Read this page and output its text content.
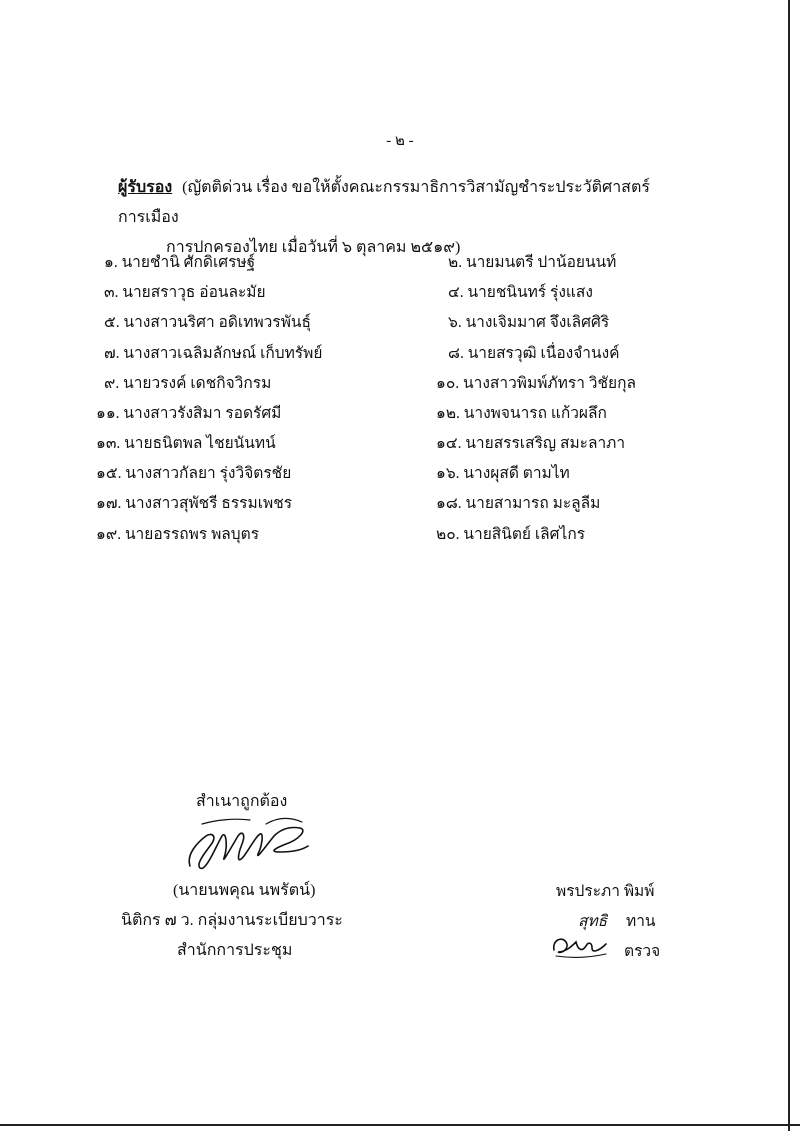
- ๒ -
ผู้รับรอง (ญัตติด่วน เรื่อง ขอให้ตั้งคณะกรรมาธิการวิสามัญชำระประวัติศาสตร์การเมือง
การปกครองไทย เมื่อวันที่ ๖ ตุลาคม ๒๕๑๙)
๑. นายชำนิ ศักดิเศรษฐ์	๒. นายมนตรี ปาน้อยนนท์
๓. นายสราวุธ อ่อนละมัย	๔. นายชนินทร์ รุ่งแสง
๕. นางสาวนริศา อดิเทพวรพันธุ์	๖. นางเจิมมาศ จึงเลิศศิริ
๗. นางสาวเฉลิมลักษณ์ เก็บทรัพย์	๘. นายสรวุฒิ เนื่องจำนงค์
๙. นายวรงค์ เดชกิจวิกรม	๑๐. นางสาวพิมพ์ภัทรา วิชัยกุล
๑๑. นางสาวรังสิมา รอดรัศมี	๑๒. นางพจนารถ แก้วผลึก
๑๓. นายธนิตพล ไชยนันทน์	๑๔. นายสรรเสริญ สมะลาภา
๑๕. นางสาวกัลยา รุ่งวิจิตรชัย	๑๖. นางผุสดี ตามไท
๑๗. นางสาวสุพัชรี ธรรมเพชร	๑๘. นายสามารถ มะลูลีม
๑๙. นายอรรถพร พลบุตร	๒๐. นายสินิตย์ เลิศไกร
สำเนาถูกต้อง
(นายนพคุณ นพรัตน์)
นิติกร ๗ ว. กลุ่มงานระเบียบวาระ
สำนักการประชุม
พรประภา พิมพ์
สุทธิ ทาน
ตรวจ
